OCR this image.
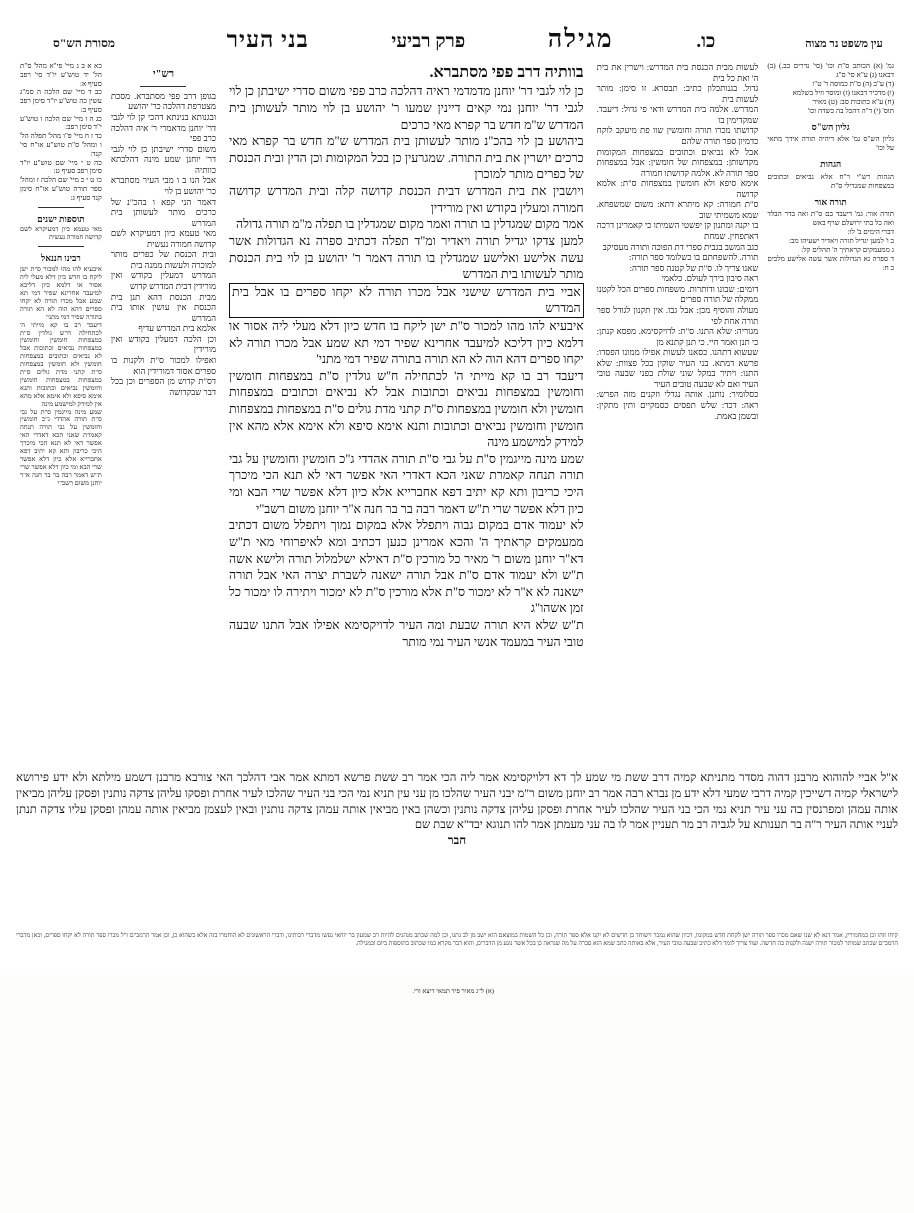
מסורת הש"ס	בני העיר	פרק רביעי	מגילה	כו.	עין משפט נר מצוה
גמ' (א) הכותב ס"ת וכו' (סי' נדרים כב.) (ב) דבאנו (ג) ע"א סי' ס"ג
(ד) ע"ב (ה) ס"ת כמוסה ד' ט"ו
(ו) מדכיר דבאנו (ז) ומוסר וזיל בשלמא
(ח) ע"א כתובות סב: (ט) מאיר
תוס' (י) ד"ה דהכל בה כשדה וכו'
גליון הש"ס
גליון הש"ס גמ' אלא דיהיה תורה אידך מתאי על וכו'
הגהות
הגהות רש"י ר"ח אלא נביאים וכתובים במצפחות שמגדילי ס"ת
תורה אור
תורה אור: גמ' דיעבד בם ס"ת ואה בדר הבלד ואה כל בתי ירושלם שרף באש
דברי הימים ב' לו:
ב ו' למען יגדיל תורה ויאדיר ישעיהו מב:
ג ממעמקים קראתיך ה' תהלים קל:
ד ספרה נא הגדולות אשר עשה אלישע מלכים ב ח:
לעשות מבית הכנסת בית המדרש: וישרין את בית ה' ואת כל בית
גדול. בגנותכלון כתיב: תבסרא. זו סימן: מותר לעשות בית
המדרש. אלמה בית המדרש ודאי פי גדול: דיעבד. שמקדימין בו
קדושתו מכרו תורה וחומשין שוו פת מיעקב לוקח כדמיון ספר תורה שלהם
אבל לא נביאים וכתובים במצפחות המקומות מקדשותן: במצפחות של חומשין: אבל במצפחות ספר תורה לא. אלמה קדושתו חמורה
אימא סיפא ולא חומשין במצפחות ס"ת: אלמא קדושה
ס"ת חמורה: קא מיתרא דתא: משום שמשפחא. שמא משמיתי שוב
בו יקנה ומתנון קן יפשטי השמיתו כי קאמרינן דרכה דאתפחין. שמחת
כגב המשב בגבית ספרי דת הפוכה ותורה מעסיקב
תורה. להשפחתם בו כשלומד ספר תורה:
שאנו צריך לו. ס"ת של קטנה ספר תורה:
ראה סיבון בירך לעולם. כלאמי
דומים: שבונו ודותרות. משפחות ספרים הכל לקטנו ממקלה של תורה ספרים
מעולה והוסיף מכן: אבל גבו. אין תקנון לגודל ספר תורה אחת לפי
מגוריה: שלא התנו. ס"ת: לדויקסימא. מפסא קנתן: כי תנן ואמר חיי. כי תנן קתנא מן
שעשוא דתהנו. כסאנו לעשות אפילו ממונו הפסדו: פרשא דמתא. בני העיר שוקין בכל פצוות: שלא התנו: ויתיר במקל שוני שולת בפני שבעה טובי העיר ואם לא שבעה טובים העיר
כסלומיר: נותנן. אותה נגדלי וזקנים מזה הפרש: ראה: דכד: שלש תפסים כסמקיים ותין מתקין: ובשמן באמת.
בוותיה דרב פפי מסתברא.
כן לוי לגבי דר' יוחנן מדמדמי ראיה דהלכה כרב פפי משום סדרי ישיבתן כן לוי לגבי דר' יוחנן נמי קאים דיינין שמעו ר' יהושע בן לוי מותר לעשותן בית המדרש ש"מ חדש בר קפרא מאי כרכים
ביהושע בן לוי בהכ"נ מותר לעשותן בית המדרש ש"מ חדש בר קפרא מאי כרכים יושרין את בית התורה. שמגרעין כן בכל המקומות וכן הדין ובית הכנסת של כפרים מותר למוכרן
ויושבין את בית המדרש דבית הכנסת קדושה קלה ובית המדרש קדושה חמורה ומעלין בקודש ואין מורידין
אמר מקום שמגדלין בו תורה ואמר מקום שמגדלין בו תפלה מ"מ תורה גדולה
למען צדקו יגדיל תורה ויאדיר ומ"ד תפלה דכתיב ספרה נא הגדולות אשר עשה אלישע ואלישע שמגדלין בו תורה דאמר ר' יהושע בן לוי בית הכנסת מותר לעשותו בית המדרש
אביי בית המדרש שישני אבל מכרו תורה לא יקחו ספרים בו אבל בית המדרש
איבעיא להו מהו למכור ס"ת ישן ליקח בו חדש כיון דלא מעלי ליה אסור או דלמא כיון דליכא למיעבד אחרינא שפיר דמי תא שמע אבל מכרו תורה לא יקחו ספרים דהא הוה לא הא תורה בתורה שפיר דמי מתני'
דיעבד רב בו קא מייתי ה' לכתחילה ח"ש גולדין ס"ת במצפחות חומשין וחומשין במצפחות נביאים וכתובות אבל לא נביאים וכתובים במצפחות חומשין ולא חומשין במצפחות ס"ת קתני מדת גולים ס"ת במצפחות במצפחות חומשין וחומשין נביאים וכתובות ותנא אימא סיפא ולא אימא אלא מהא אין למידק למישמע מינה
שמע מינה מייגמין ס"ת על גבי ס"ת תורה אהדדי ג"כ חומשין וחומשין על גבי תורה תנחה קאמרת שאני הכא דאדרי האי אפשר דאי לא תנא הכי מיכרך היכי כריבון ותא קא יתיב דפא אחברייא אלא כיון דלא אפשר שרי הבא ומי כיון דלא אפשר שרי ת"ש דאמר רבה בר בר חנה א"ר יוחנן משום רשב"י
לא יעמוד אדם במקום גבוה ויתפלל אלא במקום נמוך ויתפלל משום דכתיב ממעמקים קראתיך ה' והכא אמרינן כנען דכתיב ומא לאיפרוחי מאי ת"ש דא"ר יוחנן משום ר' מאיר כל מורכין ס"ת דאילא ישלמלול תורה ולישא אשה ת"ש ולא יעמוד אדם ס"ת אבל תורה ישאנה לשברת יצרה האי אבל תורה ישאנה לא א"ר לא ימכור ס"ת אלא מורכין ס"ת לא ימכור ויתירה לו ימכור כל זמן אשהו"ג
ת"ש שלא היא תורה שבעת ומה העיר לדויקסימא אפילו אבל התנו שבעה טובי העיר במעמד אנשי העיר נמי מותר
רש"י
בגופן דרב פפי מסתברא. מסכת מצטרפת דהלכה כר' יהושע
ובגנותא בנינתא דהכי קן לוי לגבי דר' יוחנן מדאמרי ר' איה דהלכה כרב פפי
משום סדרי ישיבתן כן לוי לגבי דר' יוחנן שמע מינה דהלכתא כוותיה
אבל הנו ב ו מבי העיר מסתברא כר' יהושע בן לוי
דאמר הני קפא ו בהכ"נ של כרכים מותר לעשותן בית המדרש
מאי טעמא כיון דמעיקרא לשם קדושה חמורה נעשית
ובית הכנסת של כפרים מותר למוכרה ולעשות ממנה בית
המדרש דמעלין בקודש ואין מורידין דבית המדרש קדוש
מבית הכנסת דהא תנן בית הכנסת אין עושין אותו בית המדרש
אלמא בית המדרש עדיף
וכן הלכה דמעלין בקודש ואין מורידין
ואפילו למכור ס"ת ולקנות בו ספרים אסור דמורידין הוא
דס"ת קדוש מן הספרים וכן בכל דבר שבקדושה
כא א ב ג מיי' פי"א מהל' ס"ת הל' יד טוש"ע יו"ד סי' רפב סעיף א:
כב ד מיי' שם הלכה ה סמ"ג עשין כה טוש"ע יו"ד סימן רפב סעיף ב:
כג ה ו מיי' שם הלכה ו טוש"ע י"ד סימן רפב:
כד ז ח מיי' פ"ו מהל' תפלה הל' ו ומהל' ס"ת טוש"ע או"ח סי' קנד:
כה ט י מיי' שם טוש"ע יו"ד סימן רפב סעיף ט:
כו ט י כ מיי' שם הלכה ז ומהל' ספר תורה טוש"ע או"ח סימן קנד סעיף ג:
תוספות ישנים
מאי טעמא כיון דמעיקרא לשם קדושה חמורה נעשית
רבינו חננאל
איבעיא להו מהו למכור ס"ת ישן ליקח בו חדש כיון דלא מעלי ליה אסור או דלמא כיון דליכא למיעבד אחרינא שפיר דמי תא שמע אבל מכרו תורה לא יקחו ספרים דהא הוה לא הא תורה בתורה שפיר דמי מתני'
דיעבד רב בו קא מייתי ה' לכתחילה ח"ש גולדין ס"ת במצפחות חומשין וחומשין במצפחות נביאים וכתובות אבל לא נביאים וכתובים במצפחות חומשין ולא חומשין במצפחות ס"ת קתני מדת גולים ס"ת במצפחות במצפחות חומשין וחומשין נביאים וכתובות ותנא אימא סיפא ולא אימא אלא מהא אין למידק למישמע מינה
שמע מינה מייגמין ס"ת על גבי ס"ת תורה אהדדי ג"כ חומשין וחומשין על גבי תורה תנחה קאמרת שאני הכא דאדרי האי אפשר דאי לא תנא הכי מיכרך היכי כריבון ותא קא יתיב דפא אחברייא אלא כיון דלא אפשר שרי הבא ומי כיון דלא אפשר שרי ת"ש דאמר רבה בר בר חנה א"ר יוחנן משום רשב"י
א"ל אביי להוהוא מרבנן דהוה מסדר מתניתא קמיה דרב ששת מי שמע לך דא דלויקסימא אמר ליה הכי אמר רב ששת פרשא דמתא אמר אבי דהלכך האי צורבא מרבנן דשמע מילתא ולא ידע פירושא לישראלי קמיה דשייכין קמיה דרבי שמעי דלא ידע מן נברא רבה אמר רב יוחנן משום ר"מ יבני העיר שהלכו מן עני עין תניא נמי הכי בני העיר שהלכו לעיר אחרת ופסקו עליהן צדקה נותנין ופסקן עליהן מביאין אותה עמהן ומפרנסין בה עני עיר תניא נמי הכי בני העיר שהלכו לעיר אחרת ופסקן עליהן צדקה נותנין וכשהן באין מביאין אותה עמהן צדקה נותנין ובאין לעצמן מביאין אותה עמהן ופסקן עליו צדקה תנתן לעניי אותה העיר ר"ה בר תענותא על לגביה רב מר תעניין אמר לו בה עני מעמתן אמר להו תנוגא יבד"א שבת שם
חבר
קיחו וזהו וכן במחמירין, אמר דנא לא שנו שאם מכרו ספר תורה ישן לקחת חדש במקומו, דכיון שהוא נמכר וישוחד בן חדשים לא יקנו אלא ספר תורה, וכן כל השמות במוצאם הוא ישב מן לב נתנו, וכן למה שכתב מנהגים להיות רב שמעון בר יוחאי נפשו מדברי רבותינו, ודברי הראשונים לא הוחמרו בזה אלא כשהוא כן, וכן אמר הרמב"ם ז"ל מכרו ספר תורה לא יקחו ספרים, וכאן מדברי הרמב"ם שכתב שמותר למכור תורה ישנה ולקנות בה חדשה. ועוד צריך לומר דלא כתיב שבעה טובי העיר, אלא באותה כתב שמא הוא סברה על מה שנראה כן בכל אשר נוגע מן הדברים, והוא דבר מקרא כמו שכתוב בתוספות ביום ובמגילה.
(א) ל"ג מאיר פיד תמאי דיצא ורי.
